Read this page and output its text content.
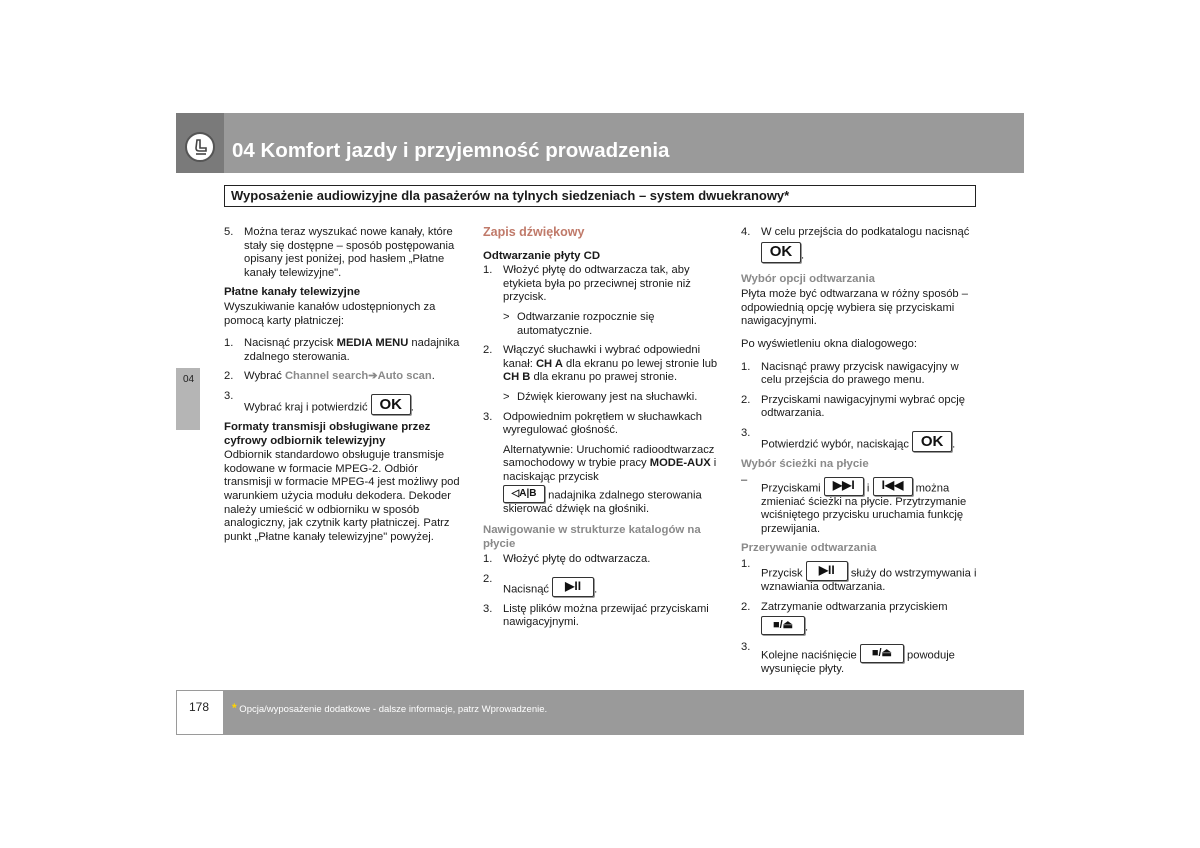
04 Komfort jazdy i przyjemność prowadzenia
Wyposażenie audiowizyjne dla pasażerów na tylnych siedzeniach – system dwuekranowy*
04
5. Można teraz wyszukać nowe kanały, które stały się dostępne – sposób postępowania opisany jest poniżej, pod hasłem „Płatne kanały telewizyjne".
Płatne kanały telewizyjne
Wyszukiwanie kanałów udostępnionych za pomocą karty płatniczej:
1. Nacisnąć przycisk MEDIA MENU nadajnika zdalnego sterowania.
2. Wybrać Channel search➔Auto scan.
3.
Wybrać kraj i potwierdzić OK .
Formaty transmisji obsługiwane przez cyfrowy odbiornik telewizyjny
Odbiornik standardowo obsługuje transmisje kodowane w formacie MPEG-2. Odbiór transmisji w formacie MPEG-4 jest możliwy pod warunkiem użycia modułu dekodera. Dekoder należy umieścić w odbiorniku w sposób analogiczny, jak czytnik karty płatniczej. Patrz punkt „Płatne kanały telewizyjne" powyżej.
Zapis dźwiękowy
Odtwarzanie płyty CD
1. Włożyć płytę do odtwarzacza tak, aby etykieta była po przeciwnej stronie niż przycisk.
> Odtwarzanie rozpocznie się automatycznie.
2. Włączyć słuchawki i wybrać odpowiedni kanał: CH A dla ekranu po lewej stronie lub CH B dla ekranu po prawej stronie.
> Dźwięk kierowany jest na słuchawki.
3. Odpowiednim pokrętłem w słuchawkach wyregulować głośność.
Alternatywnie: Uruchomić radioodtwarzacz samochodowy w trybie pracy MODE-AUX i naciskając przycisk
◁A|B nadajnika zdalnego sterowania skierować dźwięk na głośniki.
Nawigowanie w strukturze katalogów na płycie
1. Włożyć płytę do odtwarzacza.
2.
Nacisnąć ▶II .
3. Listę plików można przewijać przyciskami nawigacyjnymi.
4. W celu przejścia do podkatalogu nacisnąć
OK .
Wybór opcji odtwarzania
Płyta może być odtwarzana w różny sposób – odpowiednią opcję wybiera się przyciskami nawigacyjnymi.
Po wyświetleniu okna dialogowego:
1. Nacisnąć prawy przycisk nawigacyjny w celu przejścia do prawego menu.
2. Przyciskami nawigacyjnymi wybrać opcję odtwarzania.
3.
Potwierdzić wybór, naciskając OK .
Wybór ścieżki na płycie
–
Przyciskami ▶▶I i I◀◀ można zmieniać ścieżki na płycie. Przytrzymanie wciśniętego przycisku uruchamia funkcję przewijania.
Przerywanie odtwarzania
1.
Przycisk ▶II służy do wstrzymywania i wznawiania odtwarzania.
2. Zatrzymanie odtwarzania przyciskiem
■/⏏ .
3.
Kolejne naciśnięcie ■/⏏ powoduje wysunięcie płyty.
178 * Opcja/wyposażenie dodatkowe - dalsze informacje, patrz Wprowadzenie.
